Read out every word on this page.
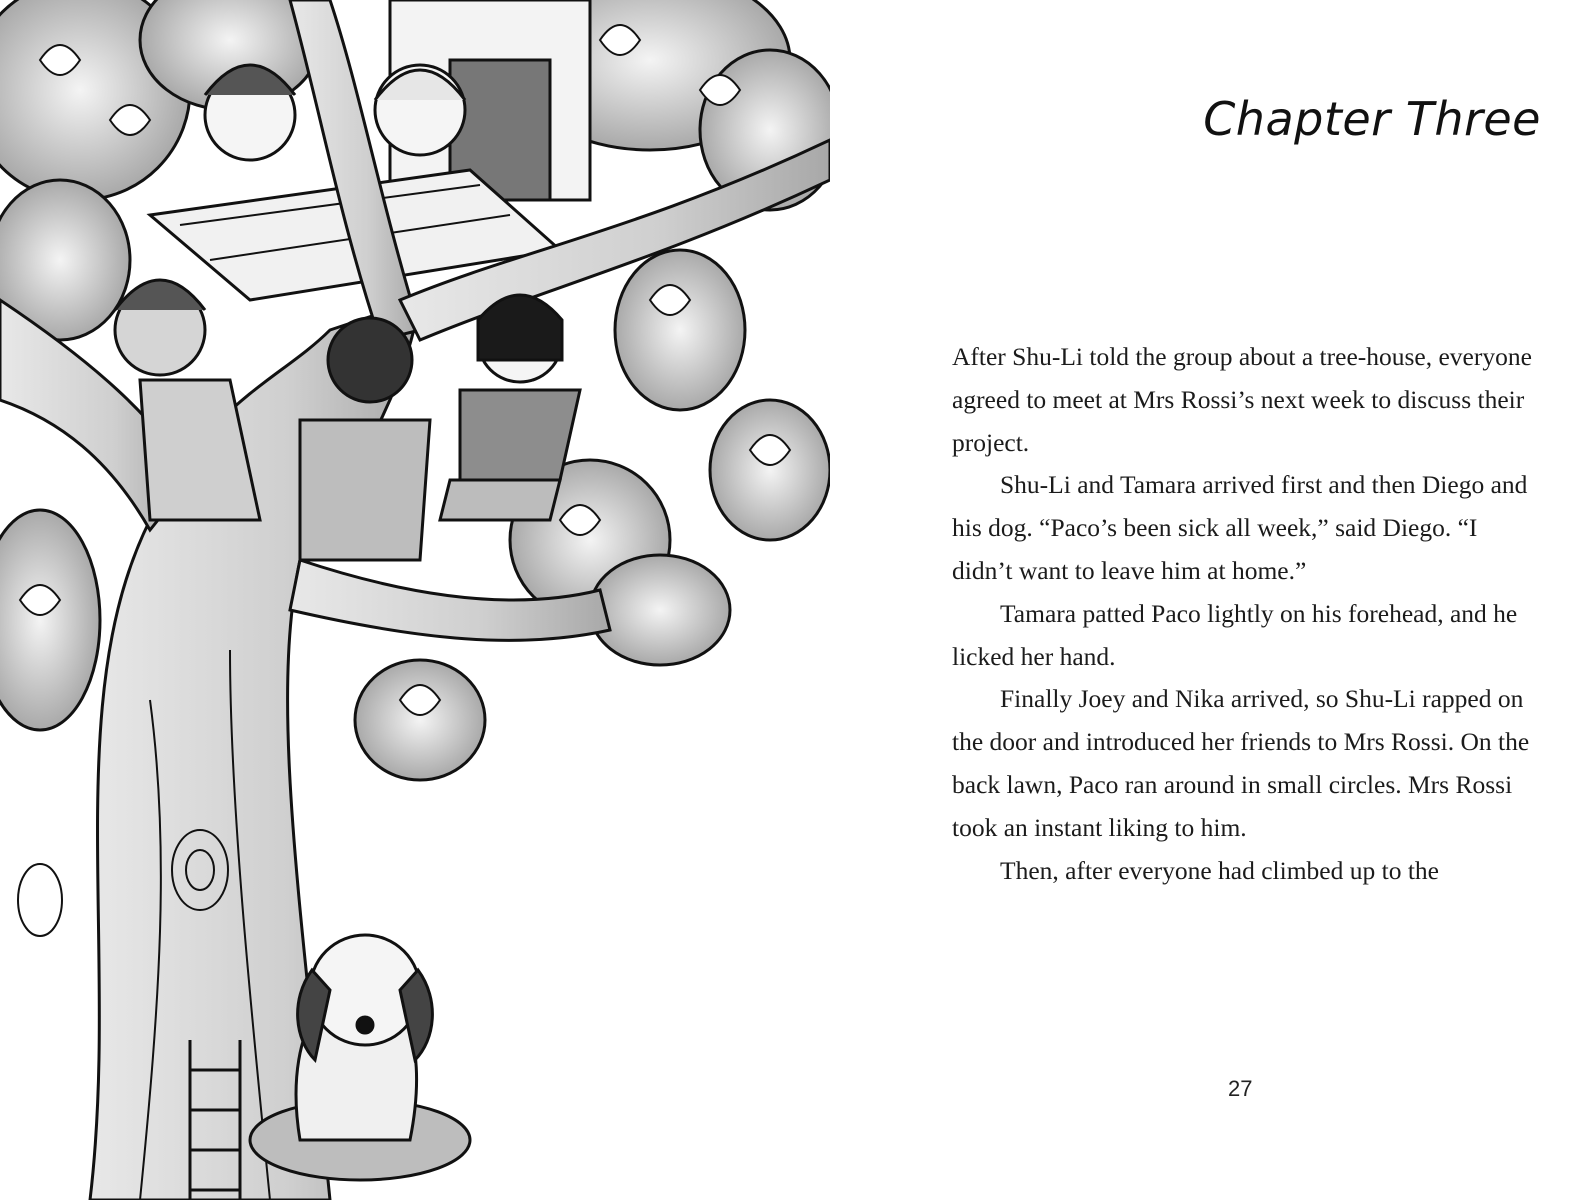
Chapter Three

After Shu-Li told the group about a tree-house, everyone agreed to meet at Mrs Rossi’s next week to discuss their project.

Shu-Li and Tamara arrived first and then Diego and his dog. “Paco’s been sick all week,” said Diego. “I didn’t want to leave him at home.”

Tamara patted Paco lightly on his forehead, and he licked her hand.

Finally Joey and Nika arrived, so Shu-Li rapped on the door and introduced her friends to Mrs Rossi. On the back lawn, Paco ran around in small circles. Mrs Rossi took an instant liking to him.

Then, after everyone had climbed up to the

27
